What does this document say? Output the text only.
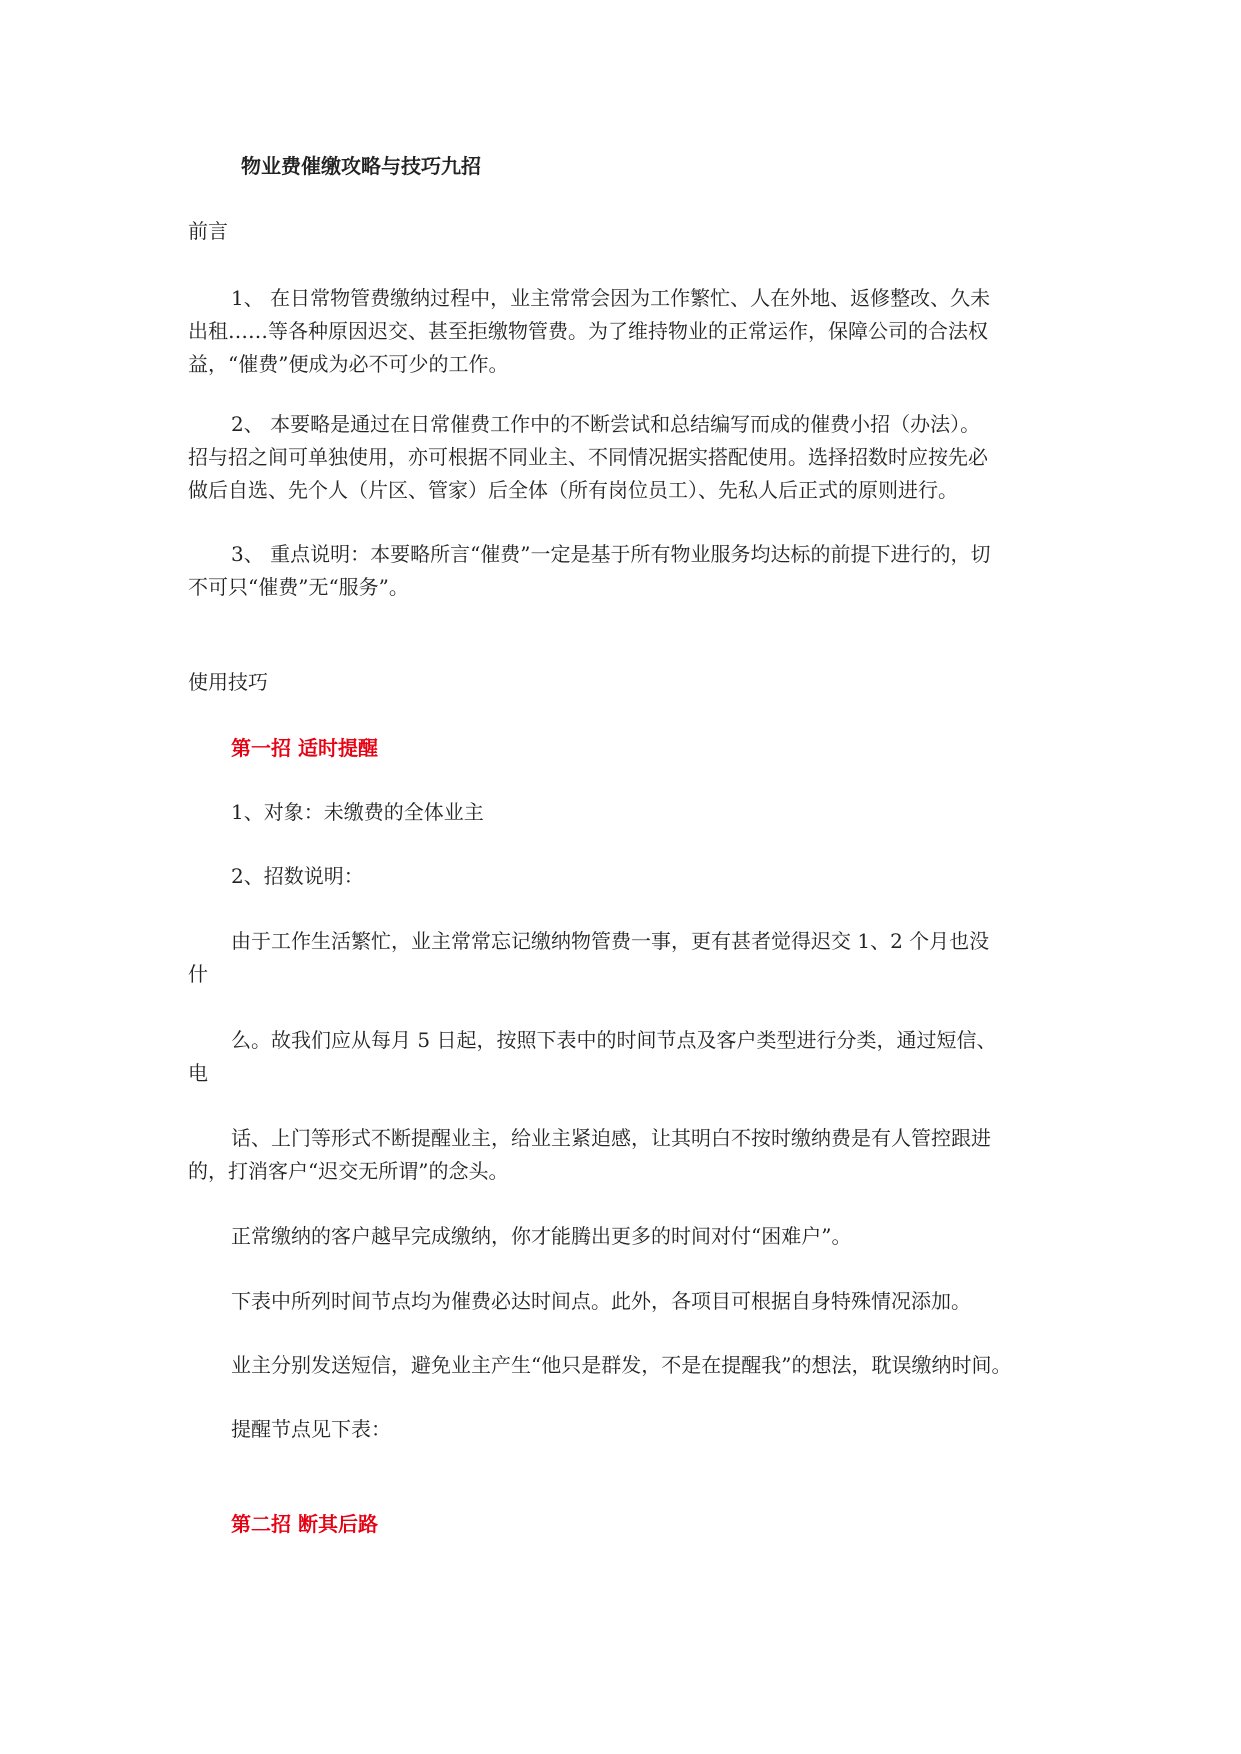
物业费催缴攻略与技巧九招
前言
1、 在日常物管费缴纳过程中，业主常常会因为工作繁忙、人在外地、返修整改、久未
出租……等各种原因迟交、甚至拒缴物管费。为了维持物业的正常运作，保障公司的合法权
益，“催费”便成为必不可少的工作。
2、 本要略是通过在日常催费工作中的不断尝试和总结编写而成的催费小招（办法）。
招与招之间可单独使用，亦可根据不同业主、不同情况据实搭配使用。选择招数时应按先必
做后自选、先个人（片区、管家）后全体（所有岗位员工）、先私人后正式的原则进行。
3、 重点说明：本要略所言“催费”一定是基于所有物业服务均达标的前提下进行的，切
不可只“催费”无“服务”。
使用技巧
第一招 适时提醒
1、对象：未缴费的全体业主
2、招数说明：
由于工作生活繁忙，业主常常忘记缴纳物管费一事，更有甚者觉得迟交 1、2 个月也没
什
么。故我们应从每月 5 日起，按照下表中的时间节点及客户类型进行分类，通过短信、
电
话、上门等形式不断提醒业主，给业主紧迫感，让其明白不按时缴纳费是有人管控跟进
的，打消客户“迟交无所谓”的念头。
正常缴纳的客户越早完成缴纳，你才能腾出更多的时间对付“困难户”。
下表中所列时间节点均为催费必达时间点。此外，各项目可根据自身特殊情况添加。
业主分别发送短信，避免业主产生“他只是群发，不是在提醒我”的想法，耽误缴纳时间。
提醒节点见下表：
第二招 断其后路
